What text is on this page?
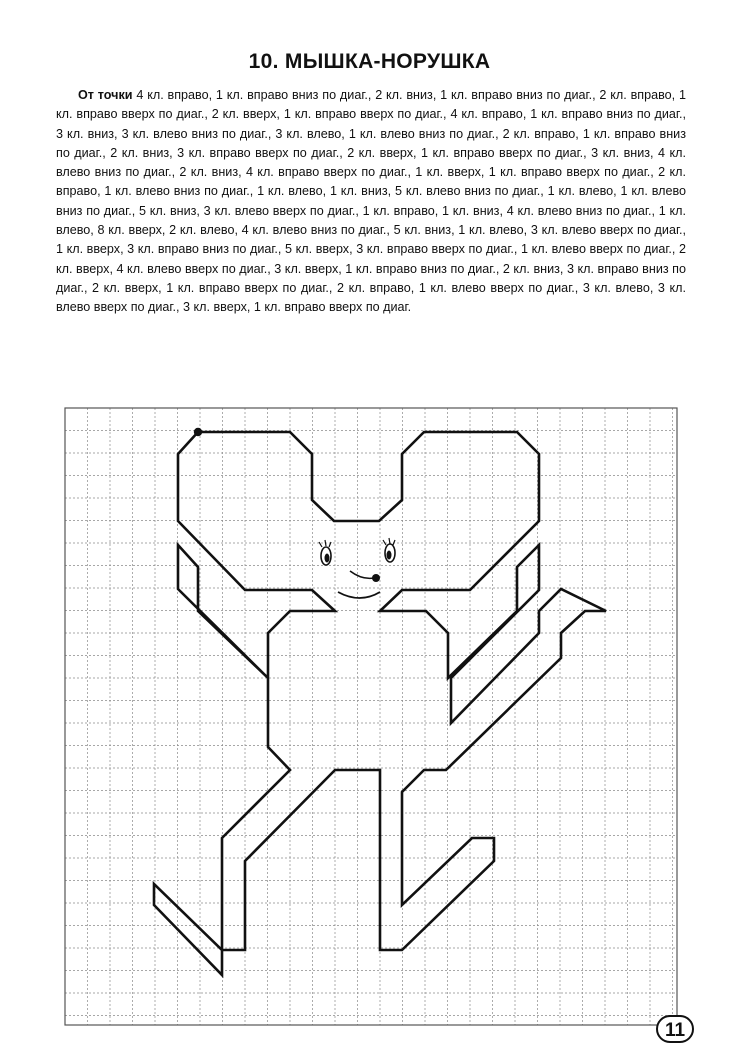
10. МЫШКА-НОРУШКА
От точки 4 кл. вправо, 1 кл. вправо вниз по диаг., 2 кл. вниз, 1 кл. вправо вниз по диаг., 2 кл. вправо, 1 кл. вправо вверх по диаг., 2 кл. вверх, 1 кл. вправо вверх по диаг., 4 кл. вправо, 1 кл. вправо вниз по диаг., 3 кл. вниз, 3 кл. влево вниз по диаг., 3 кл. влево, 1 кл. влево вниз по диаг., 2 кл. вправо, 1 кл. вправо вниз по диаг., 2 кл. вниз, 3 кл. вправо вверх по диаг., 2 кл. вверх, 1 кл. вправо вверх по диаг., 3 кл. вниз, 4 кл. влево вниз по диаг., 2 кл. вниз, 4 кл. вправо вверх по диаг., 1 кл. вверх, 1 кл. вправо вверх по диаг., 2 кл. вправо, 1 кл. влево вниз по диаг., 1 кл. влево, 1 кл. вниз, 5 кл. влево вниз по диаг., 1 кл. влево, 1 кл. влево вниз по диаг., 5 кл. вниз, 3 кл. влево вверх по диаг., 1 кл. вправо, 1 кл. вниз, 4 кл. влево вниз по диаг., 1 кл. влево, 8 кл. вверх, 2 кл. влево, 4 кл. влево вниз по диаг., 5 кл. вниз, 1 кл. влево, 3 кл. влево вверх по диаг., 1 кл. вверх, 3 кл. вправо вниз по диаг., 5 кл. вверх, 3 кл. вправо вверх по диаг., 1 кл. влево вверх по диаг., 2 кл. вверх, 4 кл. влево вверх по диаг., 3 кл. вверх, 1 кл. вправо вниз по диаг., 2 кл. вниз, 3 кл. вправо вниз по диаг., 2 кл. вверх, 1 кл. вправо вверх по диаг., 2 кл. вправо, 1 кл. влево вверх по диаг., 3 кл. влево, 3 кл. влево вверх по диаг., 3 кл. вверх, 1 кл. вправо вверх по диаг.
11
